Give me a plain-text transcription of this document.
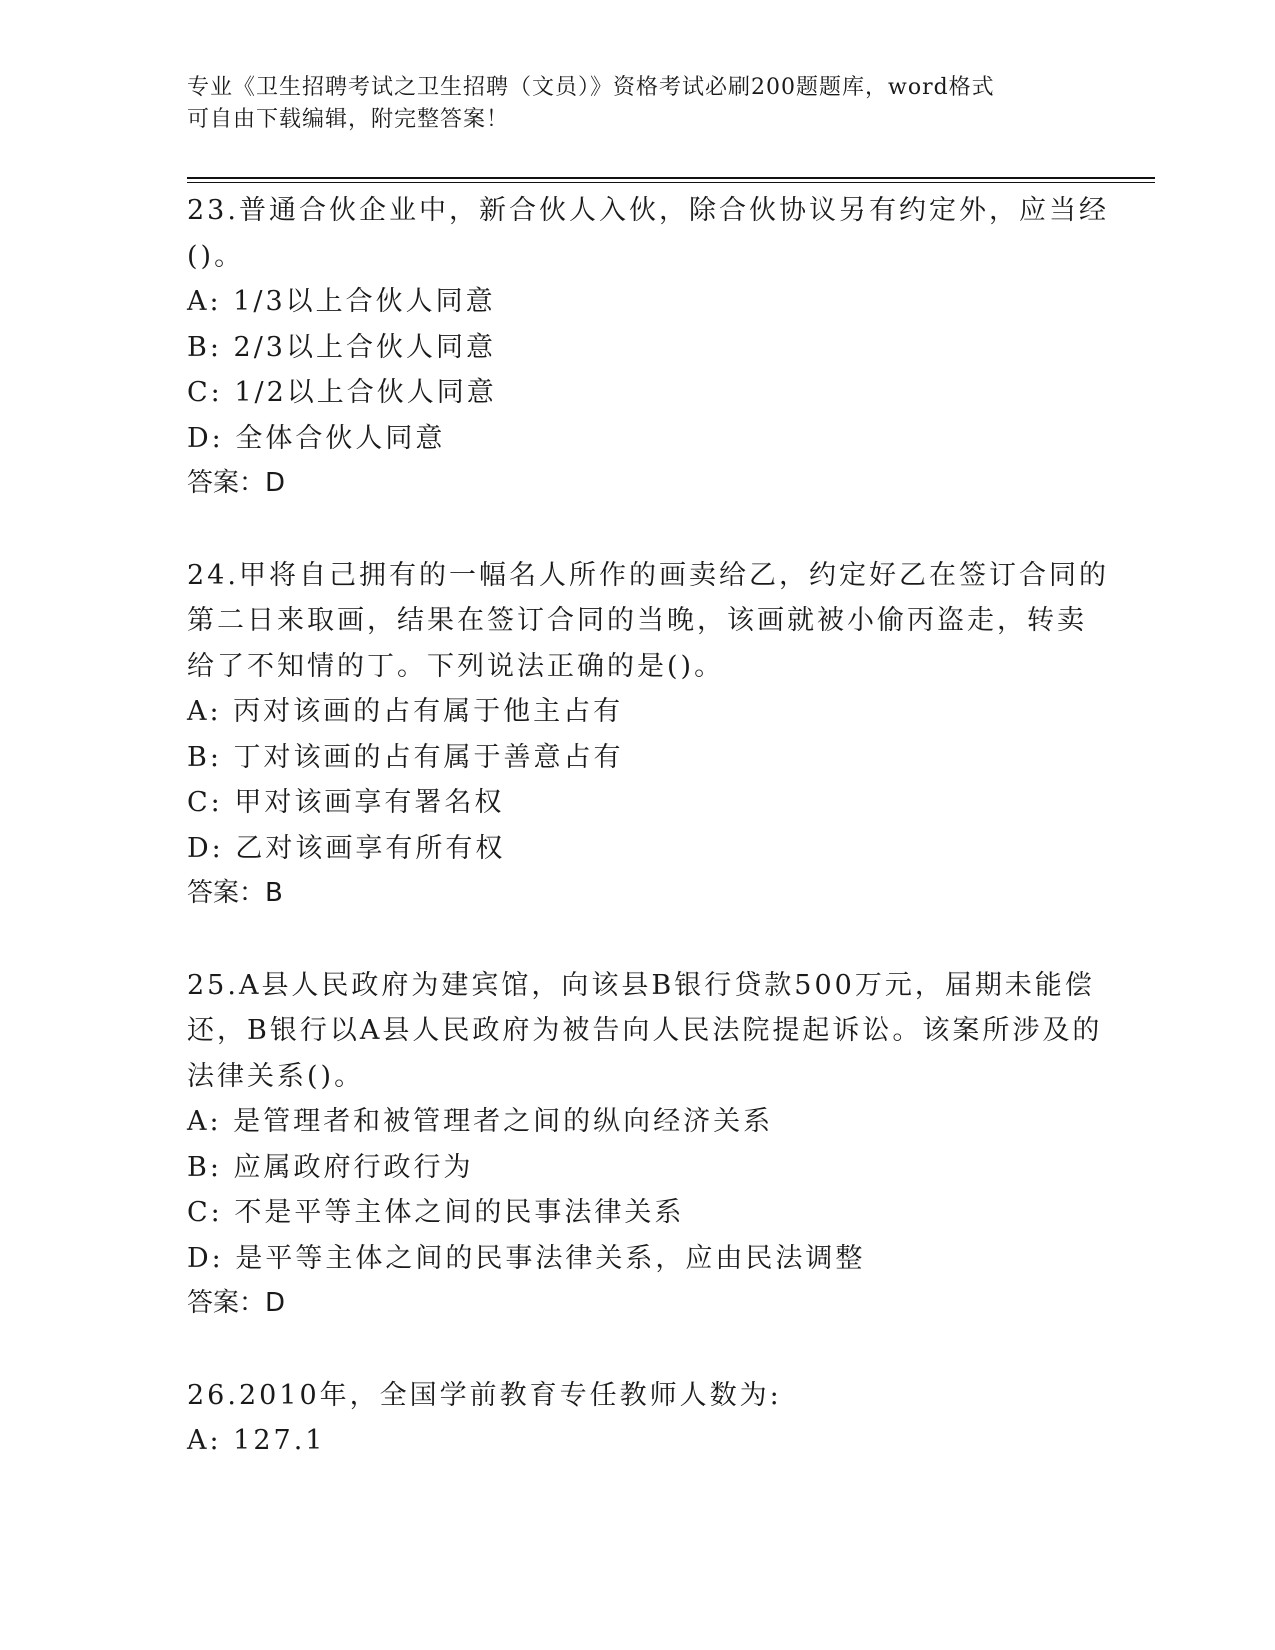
专业《卫生招聘考试之卫生招聘（文员）》资格考试必刷200题题库，word格式
可自由下载编辑，附完整答案！
23.普通合伙企业中，新合伙人入伙，除合伙协议另有约定外，应当经
()。
A: 1/3以上合伙人同意
B: 2/3以上合伙人同意
C: 1/2以上合伙人同意
D: 全体合伙人同意
答案：D
24.甲将自己拥有的一幅名人所作的画卖给乙，约定好乙在签订合同的
第二日来取画，结果在签订合同的当晚，该画就被小偷丙盗走，转卖
给了不知情的丁。下列说法正确的是()。
A: 丙对该画的占有属于他主占有
B: 丁对该画的占有属于善意占有
C: 甲对该画享有署名权
D: 乙对该画享有所有权
答案：B
25.A县人民政府为建宾馆，向该县B银行贷款500万元，届期未能偿
还，B银行以A县人民政府为被告向人民法院提起诉讼。该案所涉及的
法律关系()。
A: 是管理者和被管理者之间的纵向经济关系
B: 应属政府行政行为
C: 不是平等主体之间的民事法律关系
D: 是平等主体之间的民事法律关系，应由民法调整
答案：D
26.2010年，全国学前教育专任教师人数为:
A: 127.1
